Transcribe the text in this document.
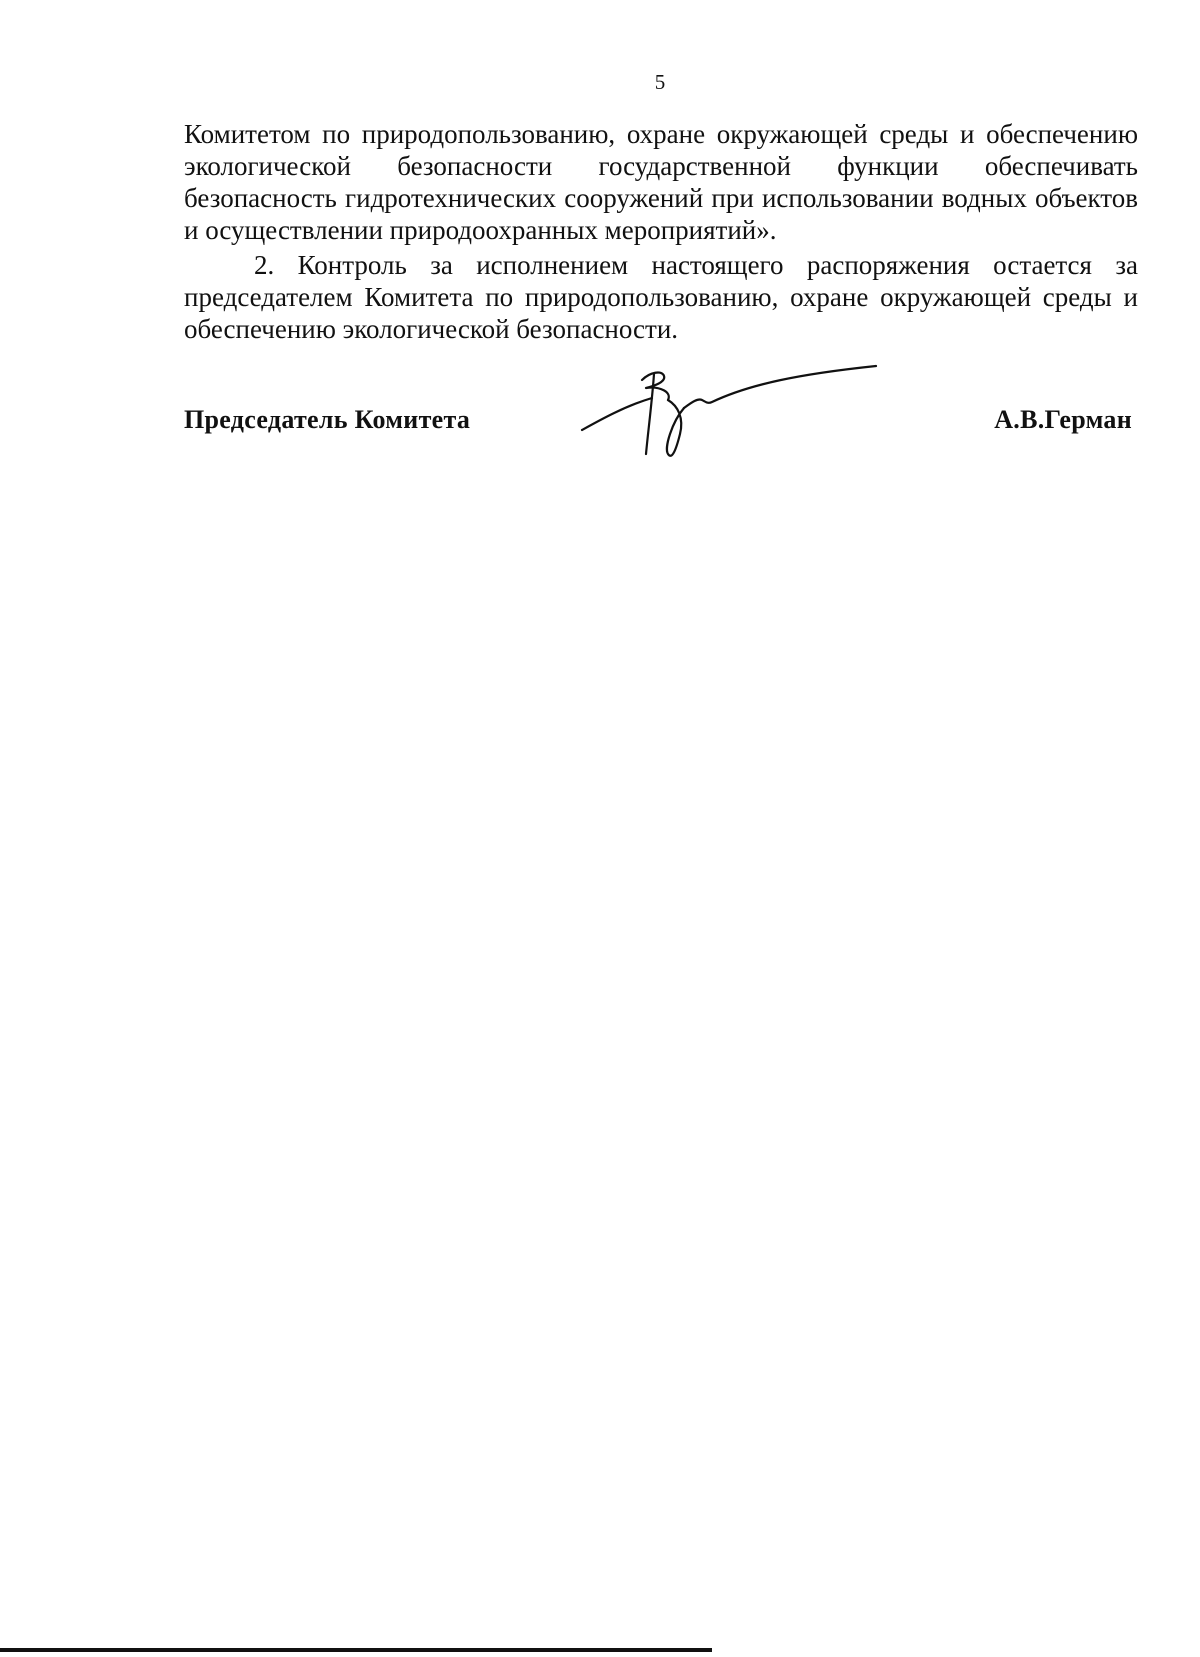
5

Комитетом по природопользованию, охране окружающей среды и обеспечению экологической безопасности государственной функции обеспечивать безопасность гидротехнических сооружений при использовании водных объектов и осуществлении природоохранных мероприятий».

2. Контроль за исполнением настоящего распоряжения остается за председателем Комитета по природопользованию, охране окружающей среды и обеспечению экологической безопасности.

Председатель Комитета	А.В.Герман
